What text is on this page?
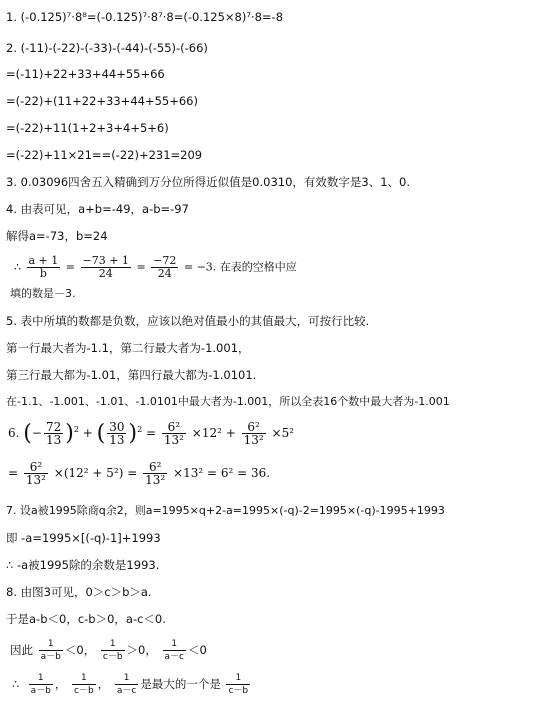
1. (-0.125)⁷·8⁸=(-0.125)⁷·8⁷·8=(-0.125×8)⁷·8=-8
2. (-11)-(-22)-(-33)-(-44)-(-55)-(-66)
=(-11)+22+33+44+55+66
=(-22)+(11+22+33+44+55+66)
=(-22)+11(1+2+3+4+5+6)
=(-22)+11×21==(-22)+231=209
3. 0.03096四舍五入精确到万分位所得近似值是0.0310，有效数字是3、1、0.
4. 由表可见，a+b=-49，a-b=-97
解得a=-73，b=24
∴ $\frac{a + 1}{b} = \frac{-73 + 1}{24} = \frac{-72}{24} = -3$. 在表的空格中应
填的数是－3.
5. 表中所填的数都是负数，应该以绝对值最小的其值最大，可按行比较.
第一行最大者为-1.1，第二行最大者为-1.001，
第三行最大都为-1.01，第四行最大都为-1.0101.
在-1.1、-1.001、-1.01、-1.0101中最大者为-1.001，所以全表16个数中最大者为-1.001
6. (− $\frac{72}{13} )^2$ + ( $\frac{30}{13} )^2 = \frac{\text{6²}}{\text{13²}} \times 12^2 + \frac{\text{6²}}{\text{13²}} \times 5^2$
= $\frac{\text{6²}}{\text{13²}} \times(12^2 + 5^2) = \frac{\text{6²}}{\text{13²}} \times 13^2 = 6^2 = 36$.
7. 设a被1995除商q余2，则a=1995×q+2-a=1995×(-q)-2=1995×(-q)-1995+1993
即 -a=1995×[(-q)-1]+1993
∴ -a被1995除的余数是1993.
8. 由图3可见，0＞c＞b＞a.
于是a-b＜0，c-b＞0，a-c＜0.
因此 $\frac{1}{a-b} <0$， $\frac{1}{c-b} >0$， $\frac{1}{a-c} <0$
∴ $\frac{1}{a-b}$ ， $\frac{1}{c-b}$ ， $\frac{1}{a-c}$ 是最大的一个是 $\frac{1}{c-b}$
